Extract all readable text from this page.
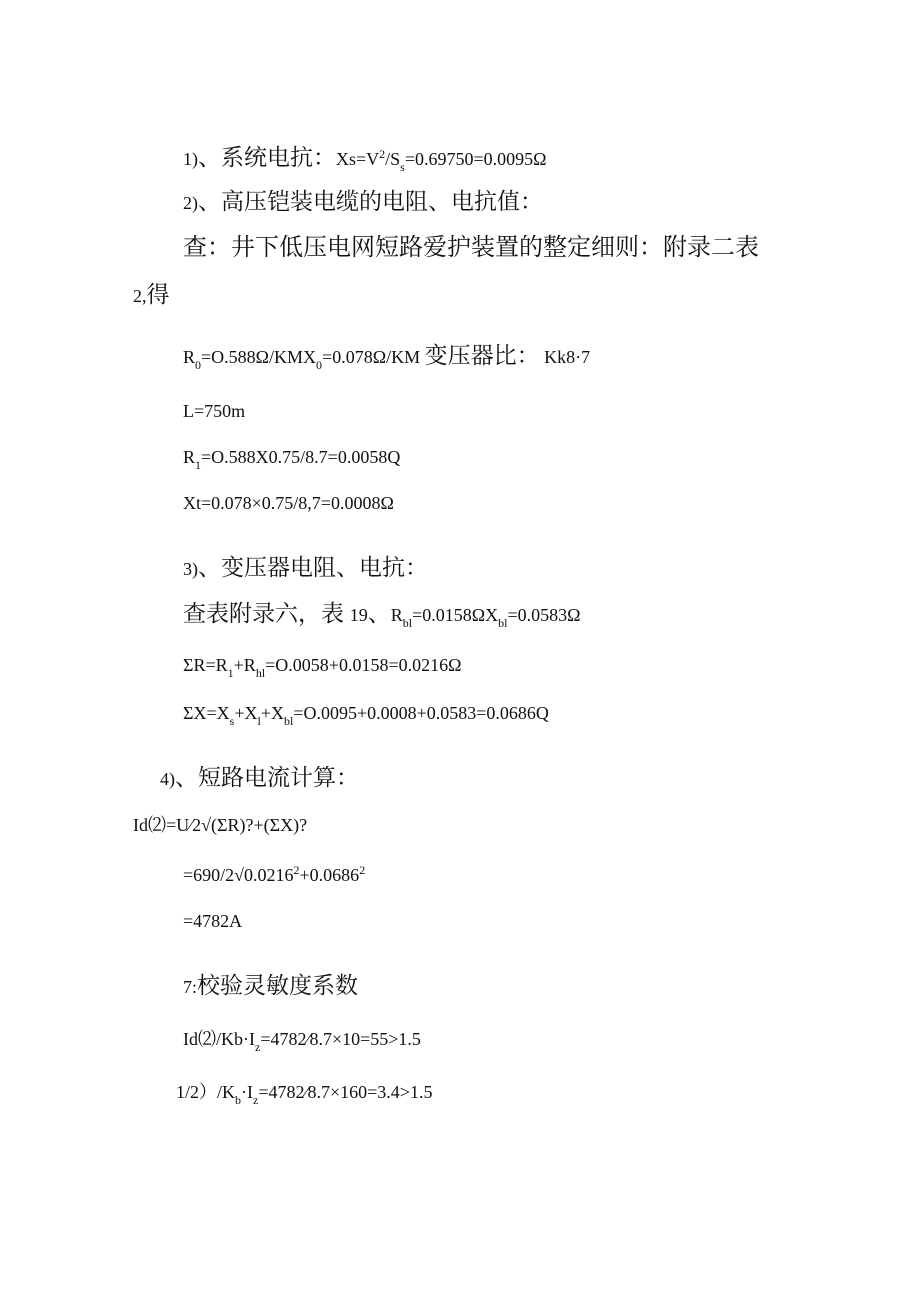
1)、系统电抗：$Xs=V^2/S_s=0.69750=0.0095\Omega$
2)、高压铠装电缆的电阻、电抗值：
查：井下低压电网短路爱护装置的整定细则：附录二表
2,得
$R_0=O.588\Omega/KMX_0=0.078\Omega/KM$ 变压器比： Kk8·7
L=750m
$R_1=O.588X0.75/8.7=0.0058Q$
Xt=0.078×0.75/8,7=0.0008Ω
3)、变压器电阻、电抗：
查表附录六，表 19、$R_{bl}=0.0158\Omega X_{bl}=0.0583\Omega$
$\Sigma R=R_1+R_{hl}=O.0058+0.0158=0.0216\Omega$
$\Sigma X=X_s+X_l+X_{bl}=O.0095+0.0008+0.0583=0.0686Q$
4)、短路电流计算：
Id⑵=U⁄2√(ΣR)?+(ΣX)?
$=690/2√0.0216^2+0.0686^2$
=4782A
7:校验灵敏度系数
Id⑵/$Kb\cdot I_z=4782⁄8.7\times 10=55>1.5$
$1/2)/K_b\cdot I_z=4782⁄8.7\times 160=3.4>1.5$
